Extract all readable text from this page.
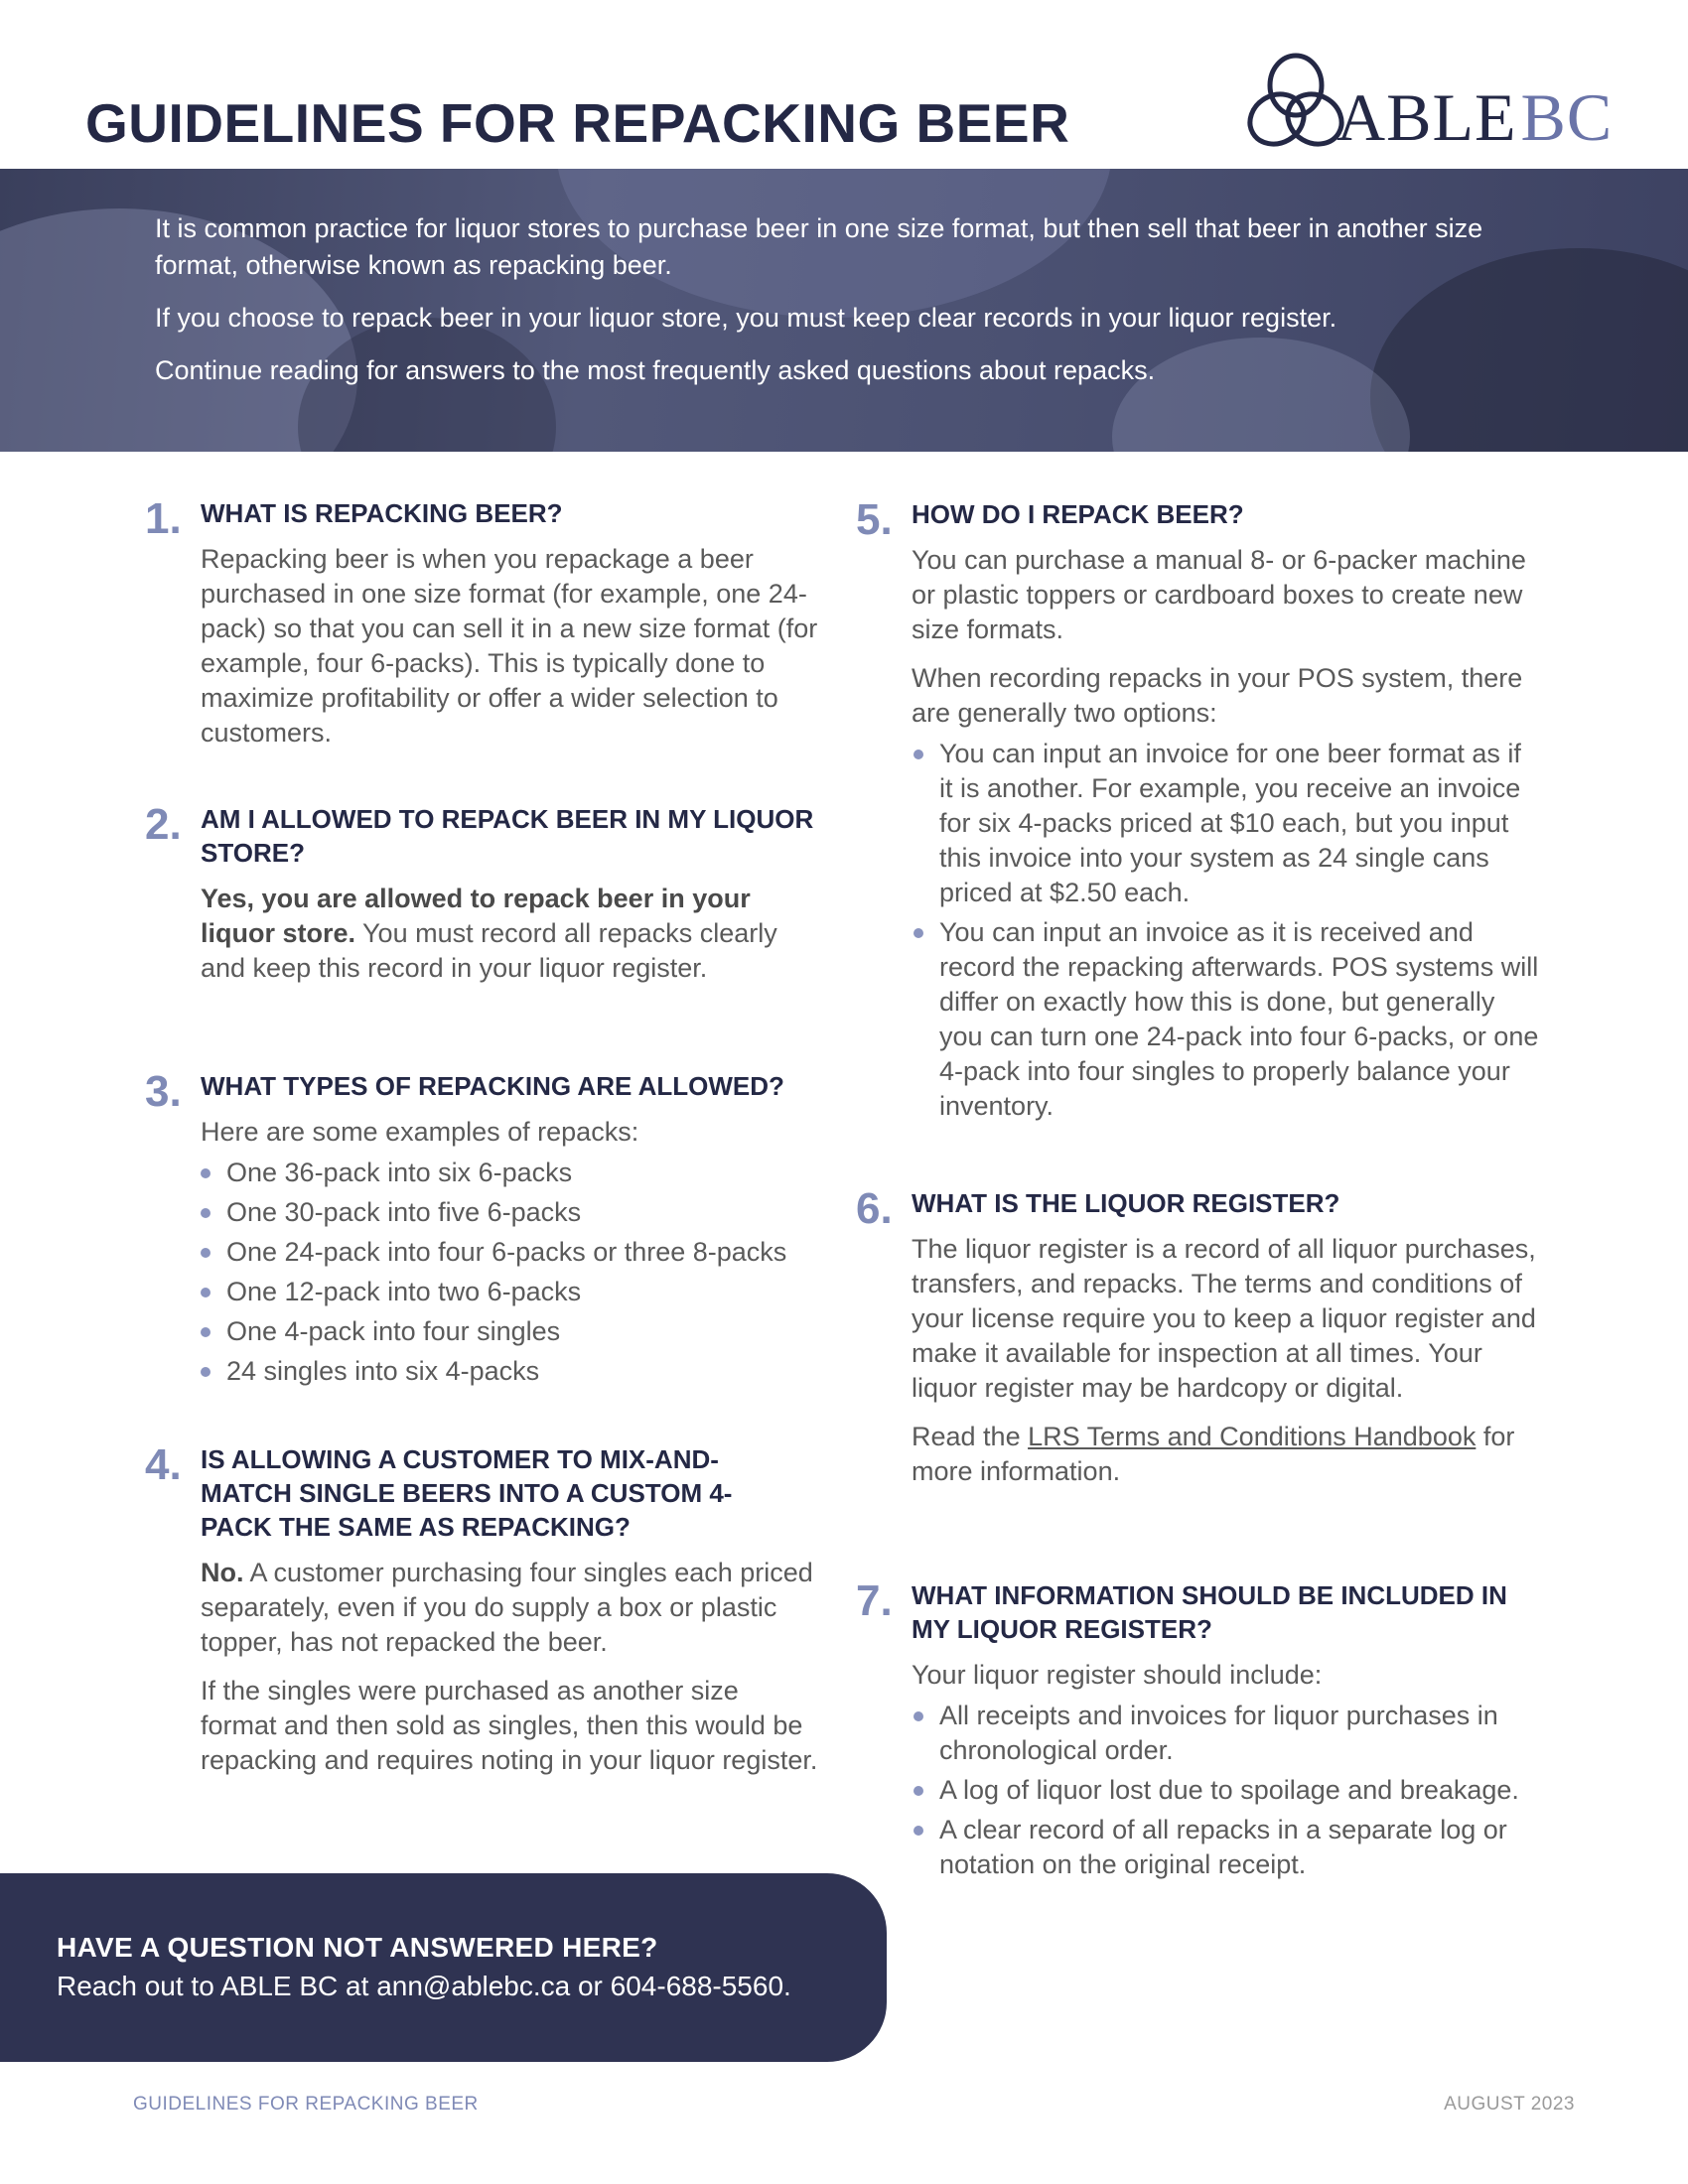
GUIDELINES FOR REPACKING BEER	ABLEBC

It is common practice for liquor stores to purchase beer in one size format, but then sell that beer in another size format, otherwise known as repacking beer.

If you choose to repack beer in your liquor store, you must keep clear records in your liquor register.

Continue reading for answers to the most frequently asked questions about repacks.

1. WHAT IS REPACKING BEER?

Repacking beer is when you repackage a beer purchased in one size format (for example, one 24-pack) so that you can sell it in a new size format (for example, four 6-packs). This is typically done to maximize profitability or offer a wider selection to customers.

2. AM I ALLOWED TO REPACK BEER IN MY LIQUOR STORE?

Yes, you are allowed to repack beer in your liquor store. You must record all repacks clearly and keep this record in your liquor register.

3. WHAT TYPES OF REPACKING ARE ALLOWED?

Here are some examples of repacks:

One 36-pack into six 6-packs
One 30-pack into five 6-packs
One 24-pack into four 6-packs or three 8-packs
One 12-pack into two 6-packs
One 4-pack into four singles
24 singles into six 4-packs
4. IS ALLOWING A CUSTOMER TO MIX-AND-MATCH SINGLE BEERS INTO A CUSTOM 4-PACK THE SAME AS REPACKING?

No. A customer purchasing four singles each priced separately, even if you do supply a box or plastic topper, has not repacked the beer.

If the singles were purchased as another size format and then sold as singles, then this would be repacking and requires noting in your liquor register.

5. HOW DO I REPACK BEER?

You can purchase a manual 8- or 6-packer machine or plastic toppers or cardboard boxes to create new size formats.

When recording repacks in your POS system, there are generally two options:

You can input an invoice for one beer format as if it is another. For example, you receive an invoice for six 4-packs priced at $10 each, but you input this invoice into your system as 24 single cans priced at $2.50 each.
You can input an invoice as it is received and record the repacking afterwards. POS systems will differ on exactly how this is done, but generally you can turn one 24-pack into four 6-packs, or one 4-pack into four singles to properly balance your inventory.
6. WHAT IS THE LIQUOR REGISTER?

The liquor register is a record of all liquor purchases, transfers, and repacks. The terms and conditions of your license require you to keep a liquor register and make it available for inspection at all times. Your liquor register may be hardcopy or digital.

Read the LRS Terms and Conditions Handbook for more information.

7. WHAT INFORMATION SHOULD BE INCLUDED IN MY LIQUOR REGISTER?

Your liquor register should include:

All receipts and invoices for liquor purchases in chronological order.
A log of liquor lost due to spoilage and breakage.
A clear record of all repacks in a separate log or notation on the original receipt.
HAVE A QUESTION NOT ANSWERED HERE?
Reach out to ABLE BC at ann@ablebc.ca or 604-688-5560.
GUIDELINES FOR REPACKING BEER	AUGUST 2023
